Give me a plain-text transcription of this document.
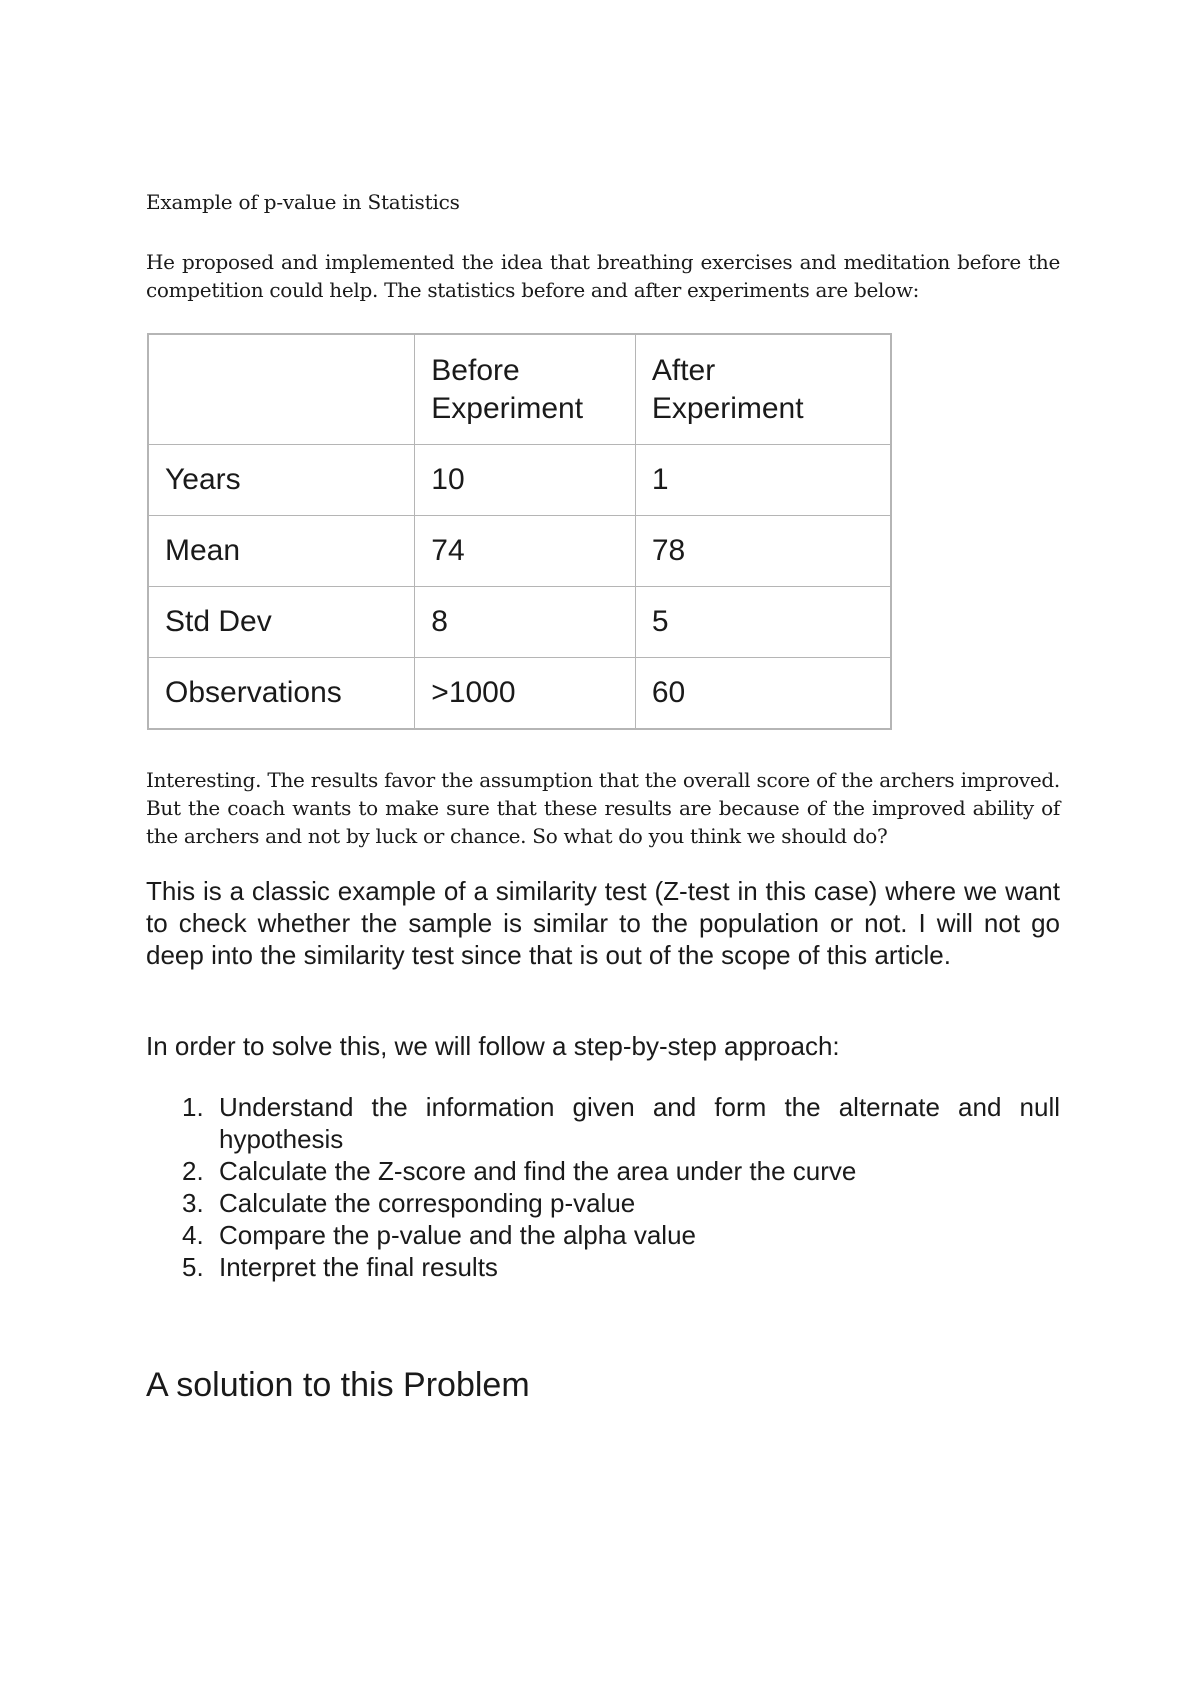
Example of p-value in Statistics

He proposed and implemented the idea that breathing exercises and meditation before the competition could help. The statistics before and after experiments are below:

	Before Experiment	After Experiment
Years	10	1
Mean	74	78
Std Dev	8	5
Observations	>1000	60

Interesting. The results favor the assumption that the overall score of the archers improved. But the coach wants to make sure that these results are because of the improved ability of the archers and not by luck or chance. So what do you think we should do?

This is a classic example of a similarity test (Z-test in this case) where we want to check whether the sample is similar to the population or not. I will not go deep into the similarity test since that is out of the scope of this article.

In order to solve this, we will follow a step-by-step approach:

1. Understand the information given and form the alternate and null hypothesis
2. Calculate the Z-score and find the area under the curve
3. Calculate the corresponding p-value
4. Compare the p-value and the alpha value
5. Interpret the final results
A solution to this Problem
